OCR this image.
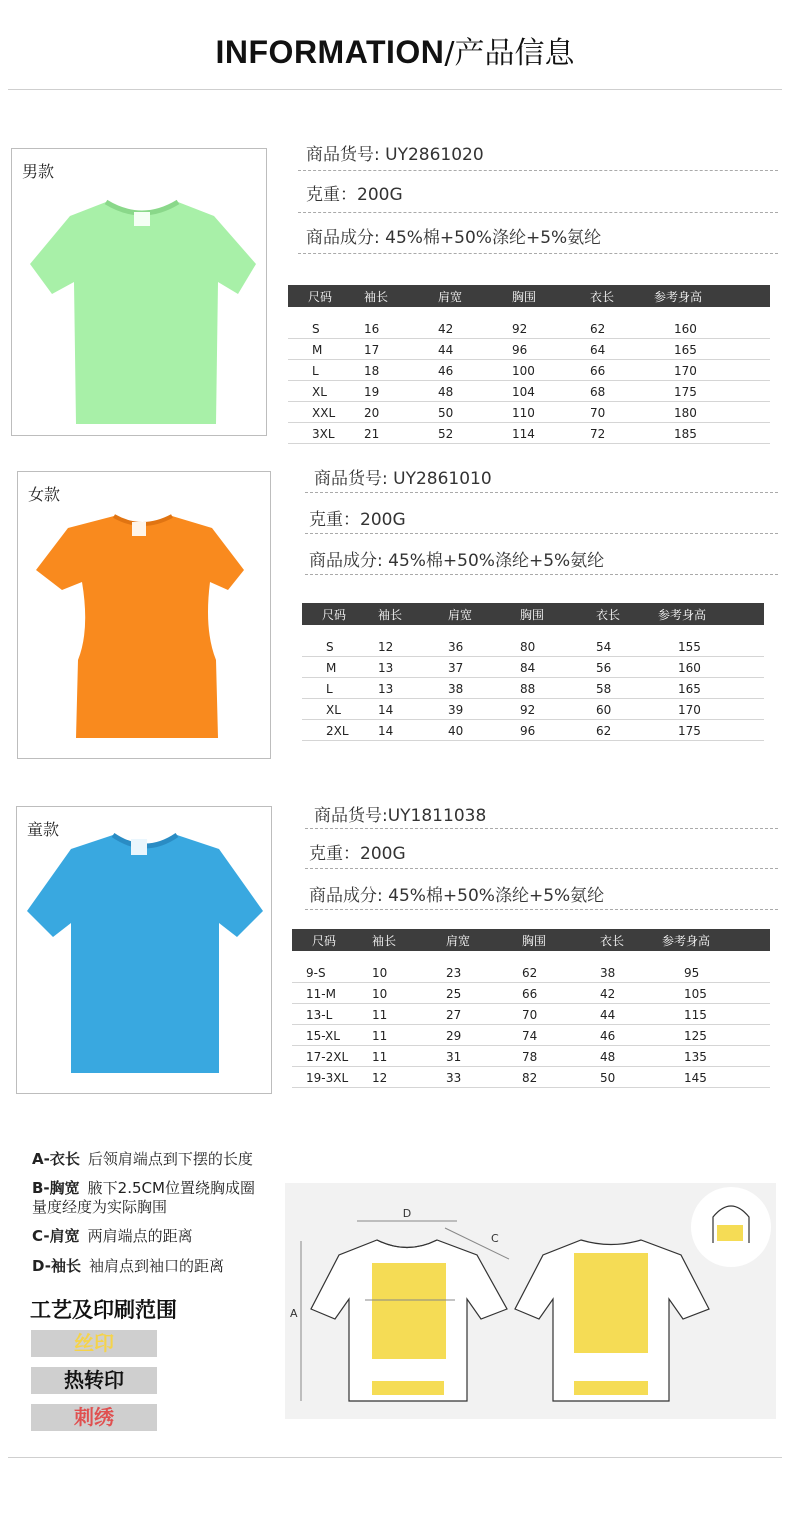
INFORMATION/产品信息
男款
商品货号: UY2861020
克重：200G
商品成分: 45%棉+50%涤纶+5%氨纶
尺码	袖长	肩宽	胸围	衣长	参考身高

S	16	42	92	62	160
M	17	44	96	64	165
L	18	46	100	66	170
XL	19	48	104	68	175
XXL	20	50	110	70	180
3XL	21	52	114	72	185
女款
商品货号: UY2861010
克重：200G
商品成分: 45%棉+50%涤纶+5%氨纶
尺码	袖长	肩宽	胸围	衣长	参考身高

S	12	36	80	54	155
M	13	37	84	56	160
L	13	38	88	58	165
XL	14	39	92	60	170
2XL	14	40	96	62	175
童款
商品货号:UY1811038
克重：200G
商品成分: 45%棉+50%涤纶+5%氨纶
尺码	袖长	肩宽	胸围	衣长	参考身高

9-S	10	23	62	38	95
11-M	10	25	66	42	105
13-L	11	27	70	44	115
15-XL	11	29	74	46	125
17-2XL	11	31	78	48	135
19-3XL	12	33	82	50	145
A-衣长 后领肩端点到下摆的长度
B-胸宽 腋下2.5CM位置绕胸成圈
量度经度为实际胸围
C-肩宽 两肩端点的距离
D-袖长 袖肩点到袖口的距离
工艺及印刷范围
丝印
热转印
刺绣
D
C
A
